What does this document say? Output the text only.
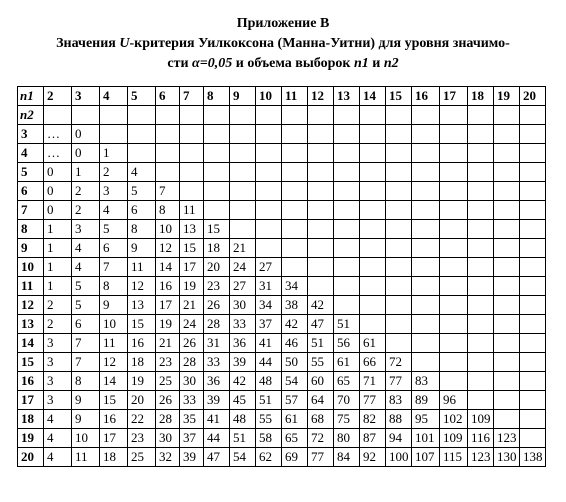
Приложение В
Значения U-критерия Уилкоксона (Манна-Уитни) для уровня значимо-
сти α=0,05 и объема выборок n1 и n2
n1	2	3	4	5	6	7	8	9	10	11	12	13	14	15	16	17	18	19	20
n2																			
3	…	0																	
4	…	0	1																
5	0	1	2	4															
6	0	2	3	5	7														
7	0	2	4	6	8	11													
8	1	3	5	8	10	13	15												
9	1	4	6	9	12	15	18	21											
10	1	4	7	11	14	17	20	24	27										
11	1	5	8	12	16	19	23	27	31	34									
12	2	5	9	13	17	21	26	30	34	38	42								
13	2	6	10	15	19	24	28	33	37	42	47	51							
14	3	7	11	16	21	26	31	36	41	46	51	56	61						
15	3	7	12	18	23	28	33	39	44	50	55	61	66	72					
16	3	8	14	19	25	30	36	42	48	54	60	65	71	77	83				
17	3	9	15	20	26	33	39	45	51	57	64	70	77	83	89	96			
18	4	9	16	22	28	35	41	48	55	61	68	75	82	88	95	102	109		
19	4	10	17	23	30	37	44	51	58	65	72	80	87	94	101	109	116	123	
20	4	11	18	25	32	39	47	54	62	69	77	84	92	100	107	115	123	130	138
